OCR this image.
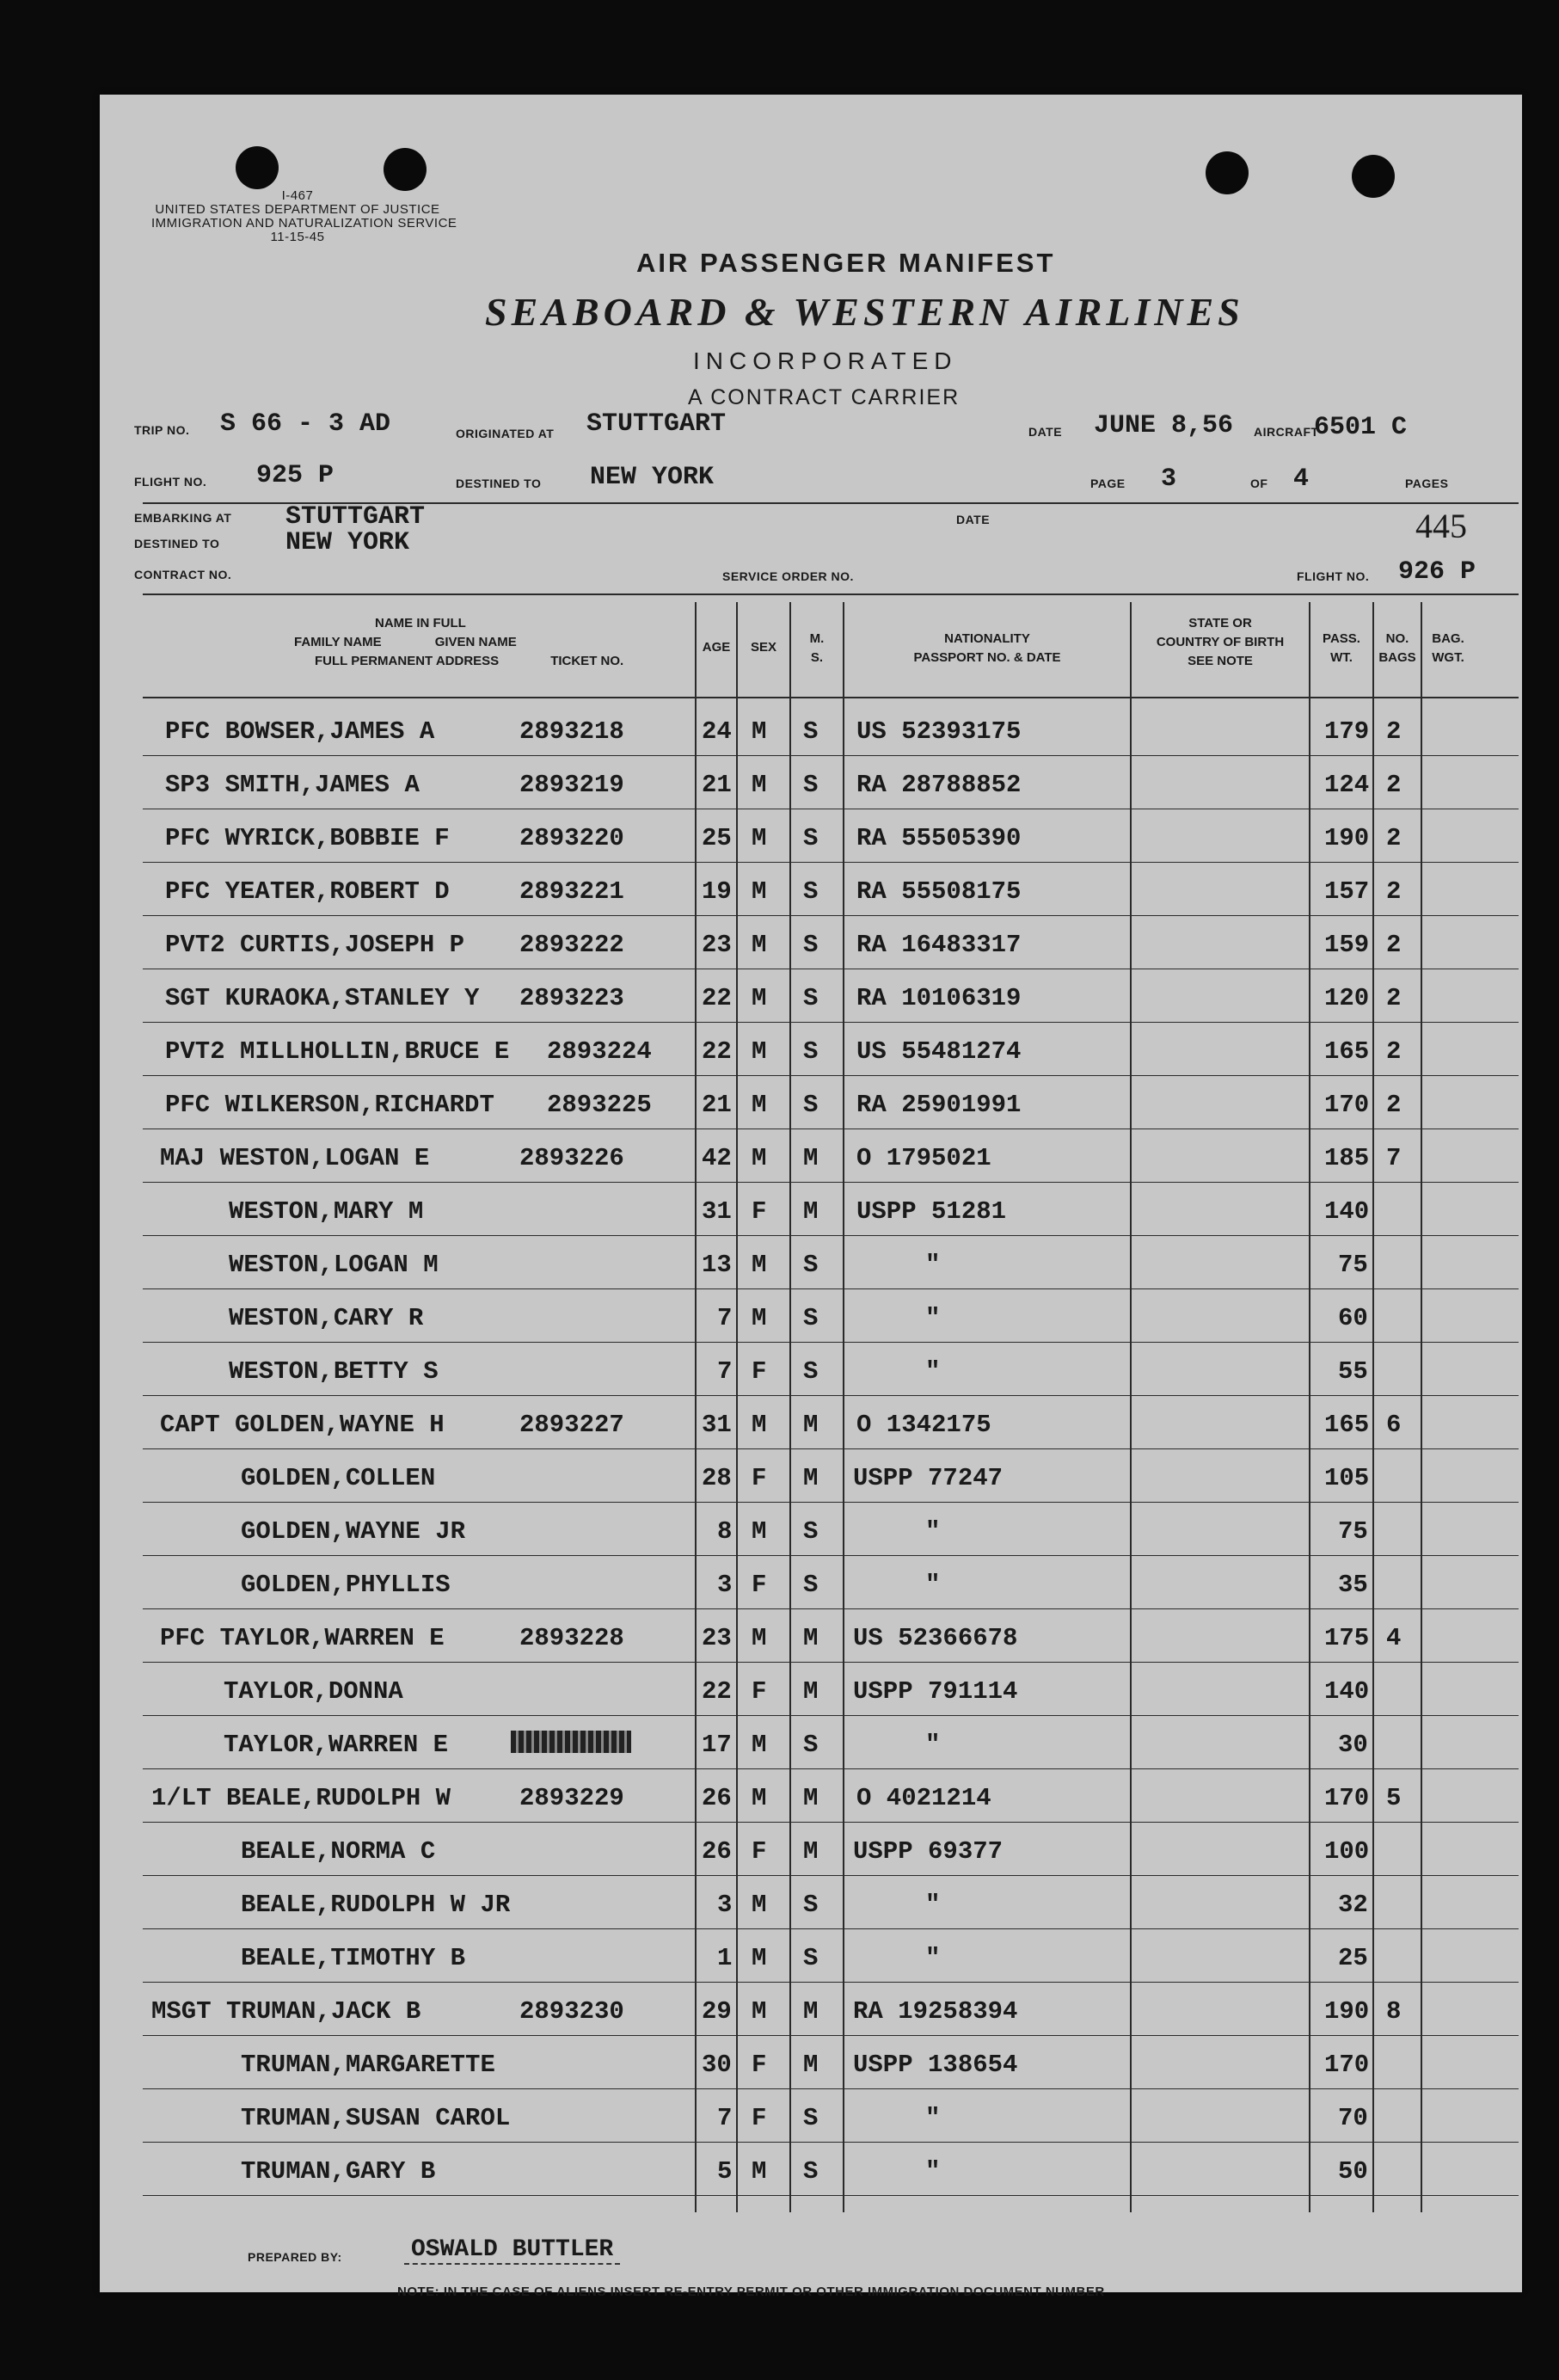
I-467
UNITED STATES DEPARTMENT OF JUSTICE
IMMIGRATION AND NATURALIZATION SERVICE
11-15-45
AIR PASSENGER MANIFEST
SEABOARD & WESTERN AIRLINES
INCORPORATED
A CONTRACT CARRIER
TRIP NO. S 66 - 3 AD	ORIGINATED AT STUTTGART	DATE JUNE 8,56 AIRCRAFT
6501 C
FLIGHT NO. 925 P	DESTINED TO NEW YORK	PAGE 3	OF 4	PAGES
EMBARKING AT STUTTGART
DESTINED TO	NEW YORK
DATE	445
CONTRACT NO.	SERVICE ORDER NO.	FLIGHT NO. 926 P
NAME IN FULL
FAMILY NAME	GIVEN NAME
FULL PERMANENT ADDRESS	TICKET NO.
AGE	SEX
M.
S.
NATIONALITY
PASSPORT NO. & DATE
STATE OR
COUNTRY OF BIRTH
SEE NOTE
PASS.
WT.
NO.
BAGS
BAG.
WGT.
PFC BOWSER,JAMES A	2893218	24 M S US 52393175	179 2
SP3 SMITH,JAMES A	2893219	21 M S RA 28788852	124 2
PFC WYRICK,BOBBIE F	2893220	25 M S RA 55505390	190 2
PFC YEATER,ROBERT D	2893221	19 M S RA 55508175	157 2
PVT2 CURTIS,JOSEPH P 2893222	23 M S RA 16483317	159 2
SGT KURAOKA,STANLEY Y 2893223	22 M S RA 10106319	120 2
PVT2 MILLHOLLIN,BRUCE E 2893224 22 M S US 55481274	165 2
PFC WILKERSON,RICHARDT 2893225 21 M S RA 25901991	170 2
MAJ WESTON,LOGAN E	2893226	42 M M O 1795021	185 7
WESTON,MARY M	31 F M USPP 51281	140
WESTON,LOGAN M	13 M S	"	75
WESTON,CARY R	7 M S	"	60
WESTON,BETTY S	7 F S	"	55
CAPT GOLDEN,WAYNE H	2893227	31 M M O 1342175	165 6
GOLDEN,COLLEN	28 F M USPP 77247	105
GOLDEN,WAYNE JR	8 M S	"	75
GOLDEN,PHYLLIS	3 F S	"	35
PFC TAYLOR,WARREN E	2893228	23 M M US 52366678	175 4
TAYLOR,DONNA	22 F M USPP 791114	140
TAYLOR,WARREN E	17 M S	"	30
1/LT BEALE,RUDOLPH W	2893229	26 M M O 4021214	170 5
BEALE,NORMA C	26 F M USPP 69377	100
BEALE,RUDOLPH W JR	3 M S	"	32
BEALE,TIMOTHY B	1 M S	"	25
MSGT TRUMAN,JACK B	2893230	29 M M RA 19258394	190 8
TRUMAN,MARGARETTE	30 F M USPP 138654	170
TRUMAN,SUSAN CAROL	7 F S	"	70
TRUMAN,GARY B	5 M S	"	50
PREPARED BY:	OSWALD BUTTLER
NOTE: IN THE CASE OF ALIENS INSERT RE-ENTRY PERMIT OR OTHER IMMIGRATION DOCUMENT NUMBER
